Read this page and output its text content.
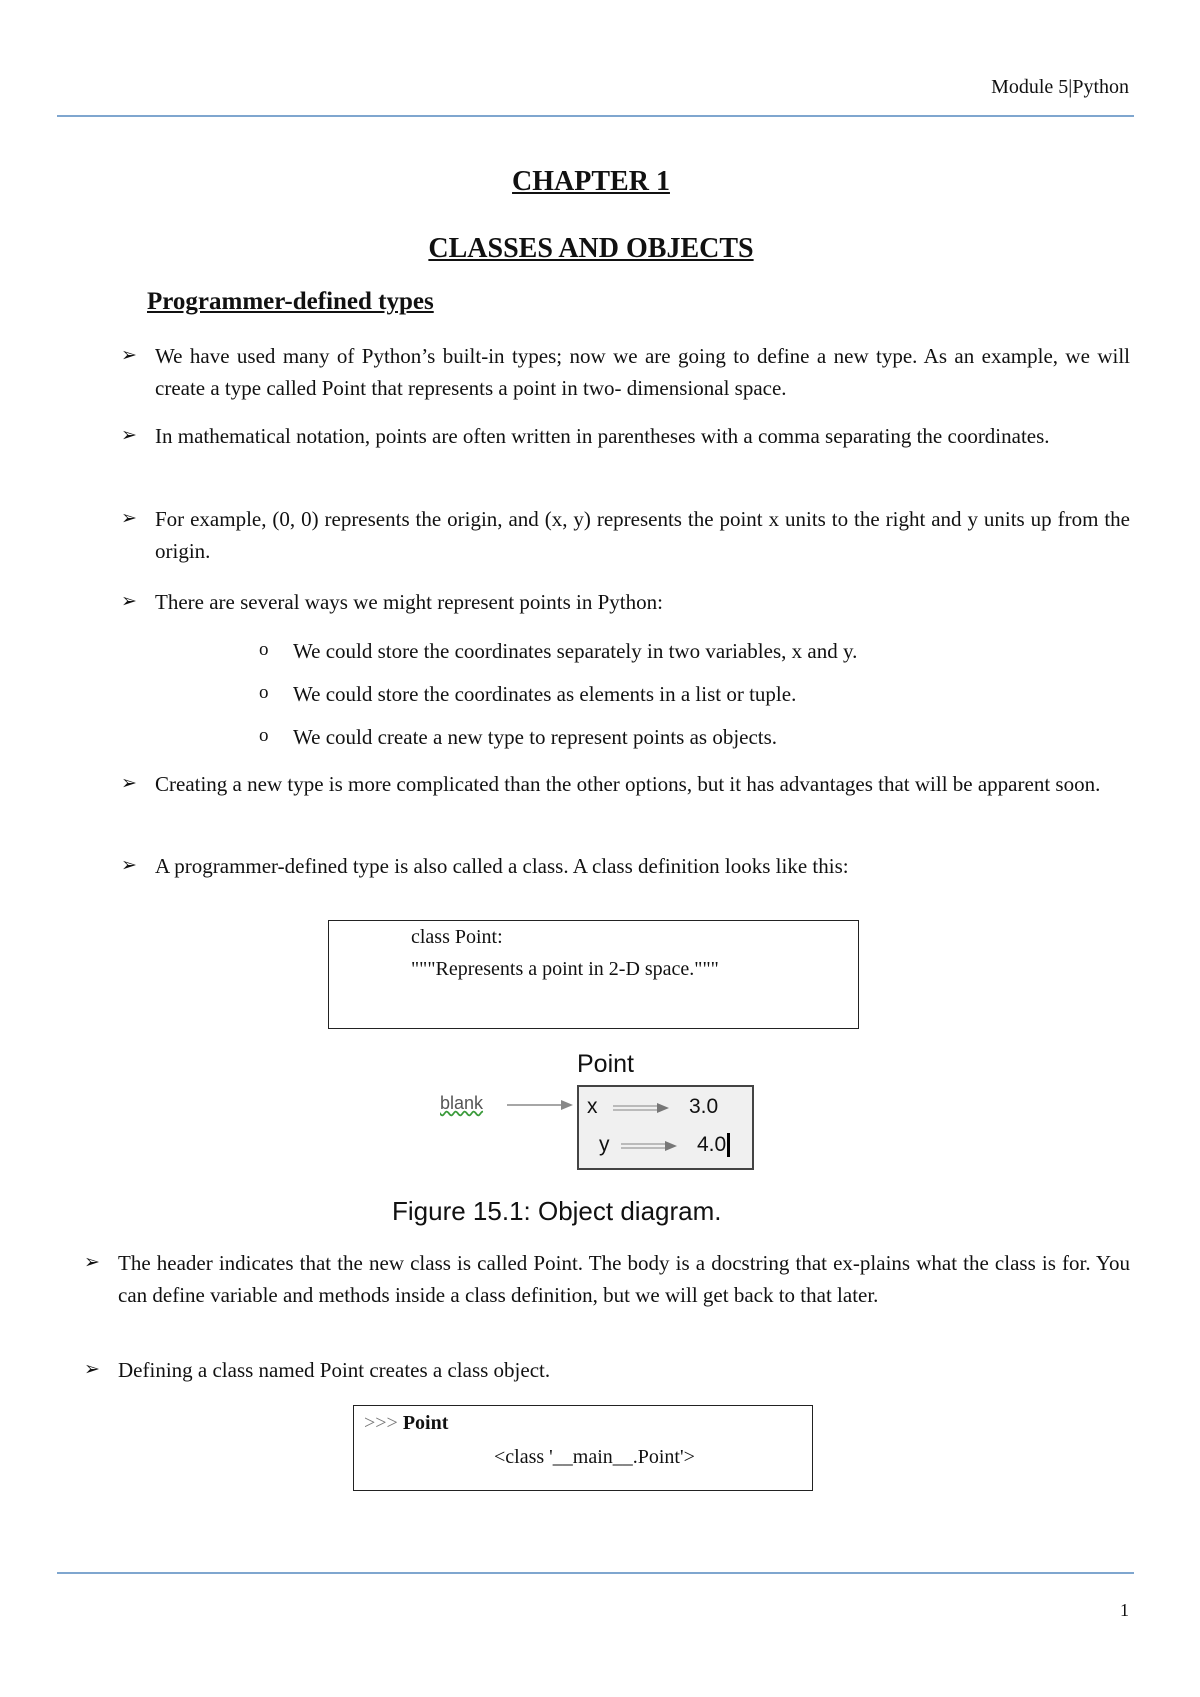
Module 5|Python
CHAPTER 1
CLASSES AND OBJECTS
Programmer-defined types
➢ We have used many of Python’s built-in types; now we are going to define a new type. As an example, we will create a type called Point that represents a point in two- dimensional space.
➢ In mathematical notation, points are often written in parentheses with a comma separating the coordinates.
➢ For example, (0, 0) represents the origin, and (x, y) represents the point x units to the right and y units up from the origin.
➢ There are several ways we might represent points in Python:
o We could store the coordinates separately in two variables, x and y.
o We could store the coordinates as elements in a list or tuple.
o We could create a new type to represent points as objects.
➢ Creating a new type is more complicated than the other options, but it has advantages that will be apparent soon.
➢ A programmer-defined type is also called a class. A class definition looks like this:
class Point:
"""Represents a point in 2-D space."""
Point
blank	x	3.0
y	4.0
Figure 15.1: Object diagram.
➢ The header indicates that the new class is called Point. The body is a docstring that ex-plains what the class is for. You can define variable and methods inside a class definition, but we will get back to that later.
➢ Defining a class named Point creates a class object.
>>> Point
<class '__main__.Point'>
1
